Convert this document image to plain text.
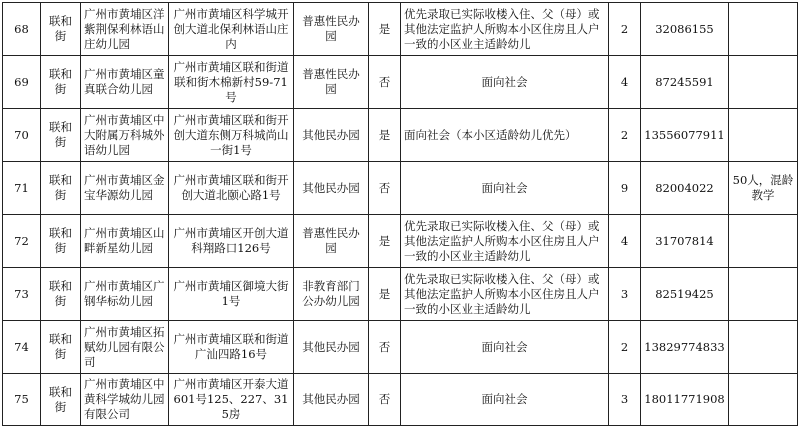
68	联和街	广州市黄埔区洋紫荆保利林语山庄幼儿园	广州市黄埔区科学城开创大道北保利林语山庄内	普惠性民办园	是	优先录取已实际收楼入住、父（母）或其他法定监护人所购本小区住房且人户一致的小区业主适龄幼儿	2	32086155	
69	联和街	广州市黄埔区童真联合幼儿园	广州市黄埔区联和街道联和街木棉新村59-71号	普惠性民办园	否	面向社会	4	87245591	
70	联和街	广州市黄埔区中大附属万科城外语幼儿园	广州市黄埔区联和街开创大道东侧万科城尚山一街1号	其他民办园	是	面向社会（本小区适龄幼儿优先）	2	13556077911	
71	联和街	广州市黄埔区金宝华源幼儿园	广州市黄埔区联和街开创大道北颐心路1号	其他民办园	否	面向社会	9	82004022	50人，混龄教学
72	联和街	广州市黄埔区山畔新星幼儿园	广州市黄埔区开创大道科翔路口126号	普惠性民办园	是	优先录取已实际收楼入住、父（母）或其他法定监护人所购本小区住房且人户一致的小区业主适龄幼儿	4	31707814	
73	联和街	广州市黄埔区广钢华标幼儿园	广州市黄埔区御境大街1号	非教育部门公办幼儿园	是	优先录取已实际收楼入住、父（母）或其他法定监护人所购本小区住房且人户一致的小区业主适龄幼儿	3	82519425	
74	联和街	广州市黄埔区拓赋幼儿园有限公司	广州市黄埔区联和街道广汕四路16号	其他民办园	否	面向社会	2	13829774833	
75	联和街	广州市黄埔区中黄科学城幼儿园有限公司	广州市黄埔区开泰大道601号125、227、315房	其他民办园	否	面向社会	3	18011771908	
